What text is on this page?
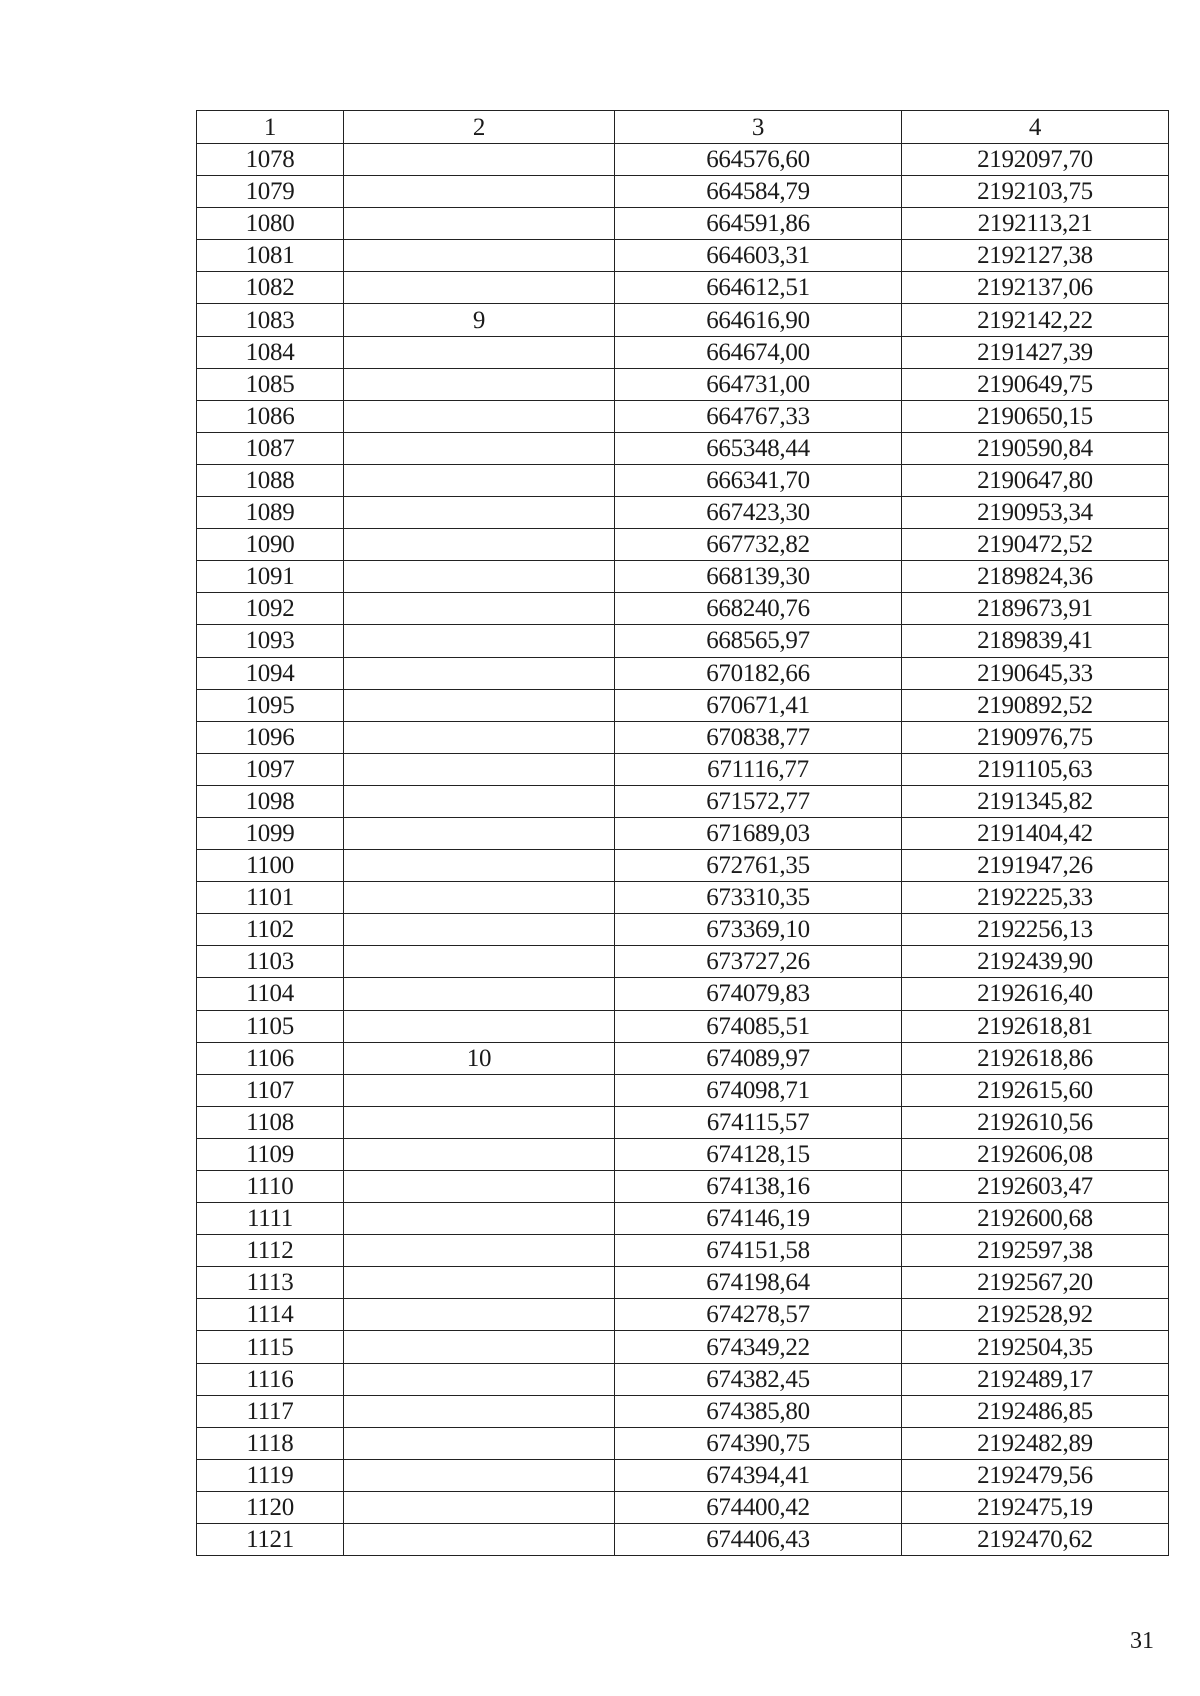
1	2	3	4
1078		664576,60	2192097,70
1079		664584,79	2192103,75
1080		664591,86	2192113,21
1081		664603,31	2192127,38
1082		664612,51	2192137,06
1083	9	664616,90	2192142,22
1084		664674,00	2191427,39
1085		664731,00	2190649,75
1086		664767,33	2190650,15
1087		665348,44	2190590,84
1088		666341,70	2190647,80
1089		667423,30	2190953,34
1090		667732,82	2190472,52
1091		668139,30	2189824,36
1092		668240,76	2189673,91
1093		668565,97	2189839,41
1094		670182,66	2190645,33
1095		670671,41	2190892,52
1096		670838,77	2190976,75
1097		671116,77	2191105,63
1098		671572,77	2191345,82
1099		671689,03	2191404,42
1100		672761,35	2191947,26
1101		673310,35	2192225,33
1102		673369,10	2192256,13
1103		673727,26	2192439,90
1104		674079,83	2192616,40
1105		674085,51	2192618,81
1106	10	674089,97	2192618,86
1107		674098,71	2192615,60
1108		674115,57	2192610,56
1109		674128,15	2192606,08
1110		674138,16	2192603,47
1111		674146,19	2192600,68
1112		674151,58	2192597,38
1113		674198,64	2192567,20
1114		674278,57	2192528,92
1115		674349,22	2192504,35
1116		674382,45	2192489,17
1117		674385,80	2192486,85
1118		674390,75	2192482,89
1119		674394,41	2192479,56
1120		674400,42	2192475,19
1121		674406,43	2192470,62
31
